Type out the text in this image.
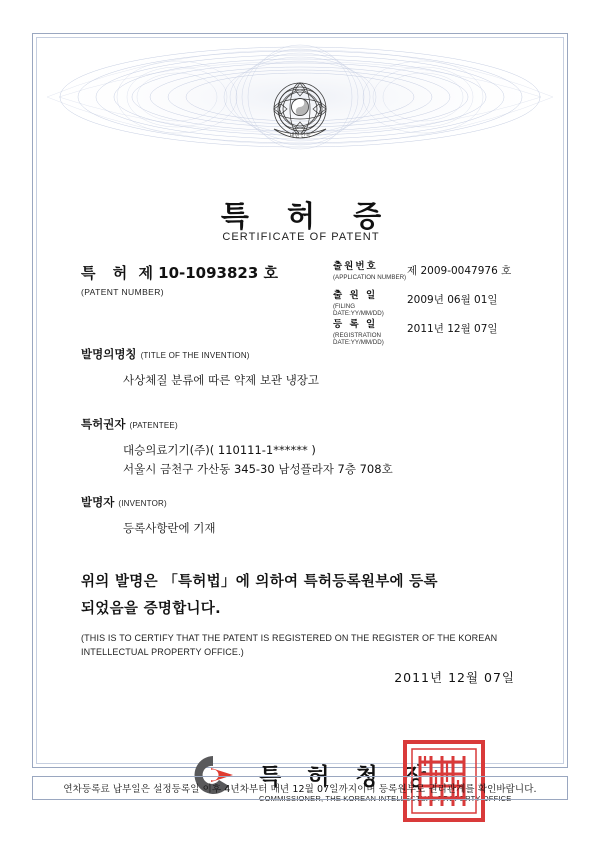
대한민국
특 허 증
CERTIFICATE OF PATENT
특 허 제 10-1093823 호
(PATENT NUMBER)
출원번호
(APPLICATION NUMBER)
제 2009-0047976 호
출 원 일
(FILING DATE:YY/MM/DD)
2009년 06월 01일
등 록 일
(REGISTRATION DATE:YY/MM/DD)
2011년 12월 07일
발명의명칭 (TITLE OF THE INVENTION)
사상체질 분류에 따른 약제 보관 냉장고
특허권자 (PATENTEE)
대승의료기기(주)( 110111-1****** )
서울시 금천구 가산동 345-30 남성플라자 7층 708호
발명자 (INVENTOR)
등록사항란에 기재
위의 발명은 「특허법」에 의하여 특허등록원부에 등록
되었음을 증명합니다.
(THIS IS TO CERTIFY THAT THE PATENT IS REGISTERED ON THE REGISTER OF THE KOREAN
INTELLECTUAL PROPERTY OFFICE.)
2011년 12월 07일
특 허 청 장
COMMISSIONER, THE KOREAN INTELLECTUAL PROPERTY OFFICE
연차등록료 납부일은 설정등록일 이후 4년차부터 매년 12월 07일까지이며 등록원부로 권리관계를 확인바랍니다.
